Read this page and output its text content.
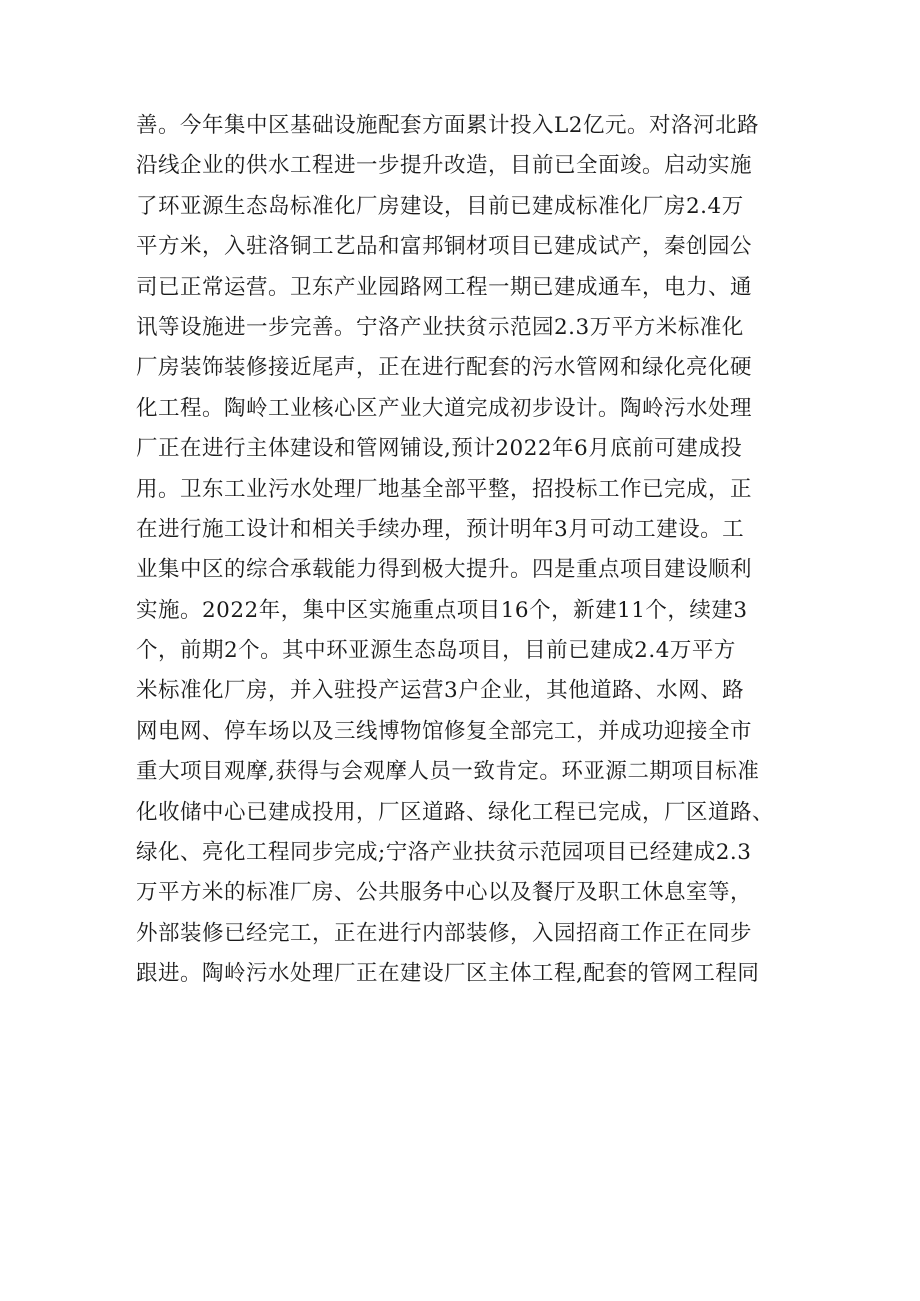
善。今年集中区基础设施配套方面累计投入L2亿元。对洛河北路
沿线企业的供水工程进一步提升改造，目前已全面竣。启动实施
了环亚源生态岛标准化厂房建设，目前已建成标准化厂房2.4万
平方米，入驻洛铜工艺品和富邦铜材项目已建成试产，秦创园公
司已正常运营。卫东产业园路网工程一期已建成通车，电力、通
讯等设施进一步完善。宁洛产业扶贫示范园2.3万平方米标准化
厂房装饰装修接近尾声，正在进行配套的污水管网和绿化亮化硬
化工程。陶岭工业核心区产业大道完成初步设计。陶岭污水处理
厂正在进行主体建设和管网铺设,预计2022年6月底前可建成投
用。卫东工业污水处理厂地基全部平整，招投标工作已完成，正
在进行施工设计和相关手续办理，预计明年3月可动工建设。工
业集中区的综合承载能力得到极大提升。四是重点项目建设顺利
实施。2022年，集中区实施重点项目16个，新建11个，续建3
个，前期2个。其中环亚源生态岛项目，目前已建成2.4万平方
米标准化厂房，并入驻投产运营3户企业，其他道路、水网、路
网电网、停车场以及三线博物馆修复全部完工，并成功迎接全市
重大项目观摩,获得与会观摩人员一致肯定。环亚源二期项目标准
化收储中心已建成投用，厂区道路、绿化工程已完成，厂区道路、
绿化、亮化工程同步完成;宁洛产业扶贫示范园项目已经建成2.3
万平方米的标准厂房、公共服务中心以及餐厅及职工休息室等，
外部装修已经完工，正在进行内部装修，入园招商工作正在同步
跟进。陶岭污水处理厂正在建设厂区主体工程,配套的管网工程同
